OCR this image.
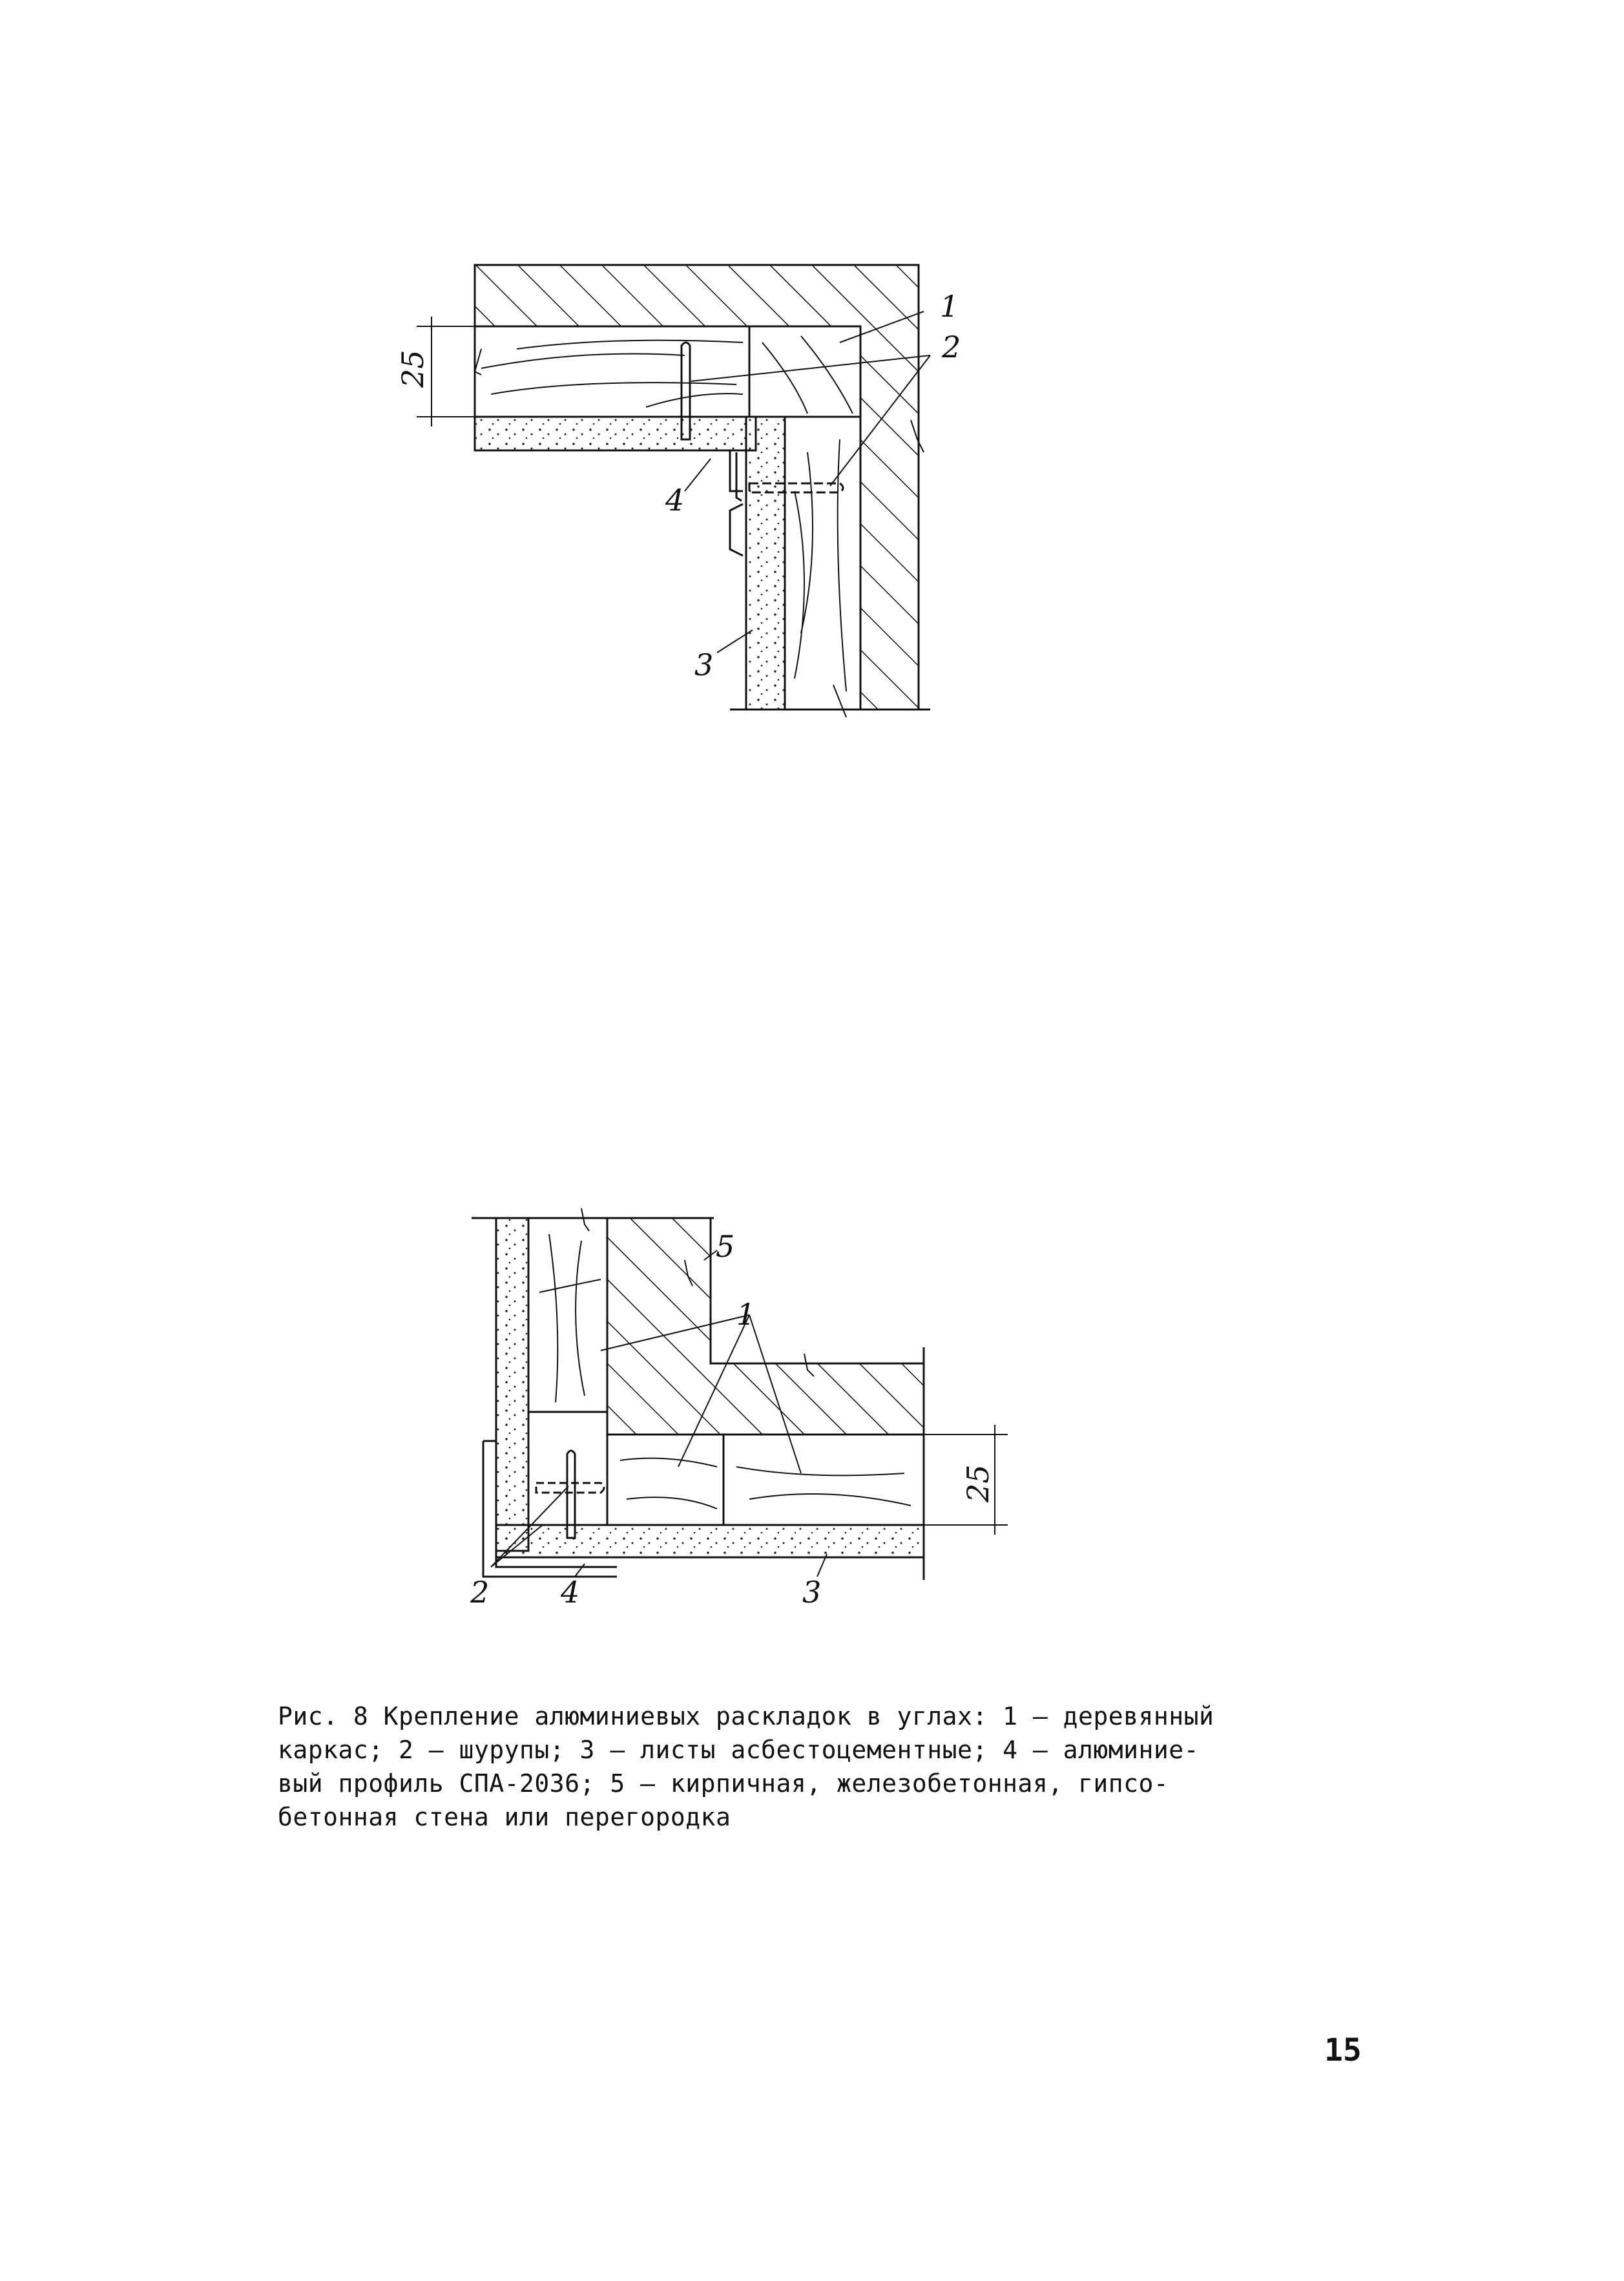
1
2
4
3
25
5
1
2 4	3
25

Рис. 8 Крепление алюминиевых раскладок в углах: 1 – деревянный

каркас; 2 – шурупы; 3 – листы асбестоцементные; 4 – алюминие-

вый профиль СПА-2036; 5 – кирпичная, железобетонная, гипсо-

бетонная стена или перегородка

15
